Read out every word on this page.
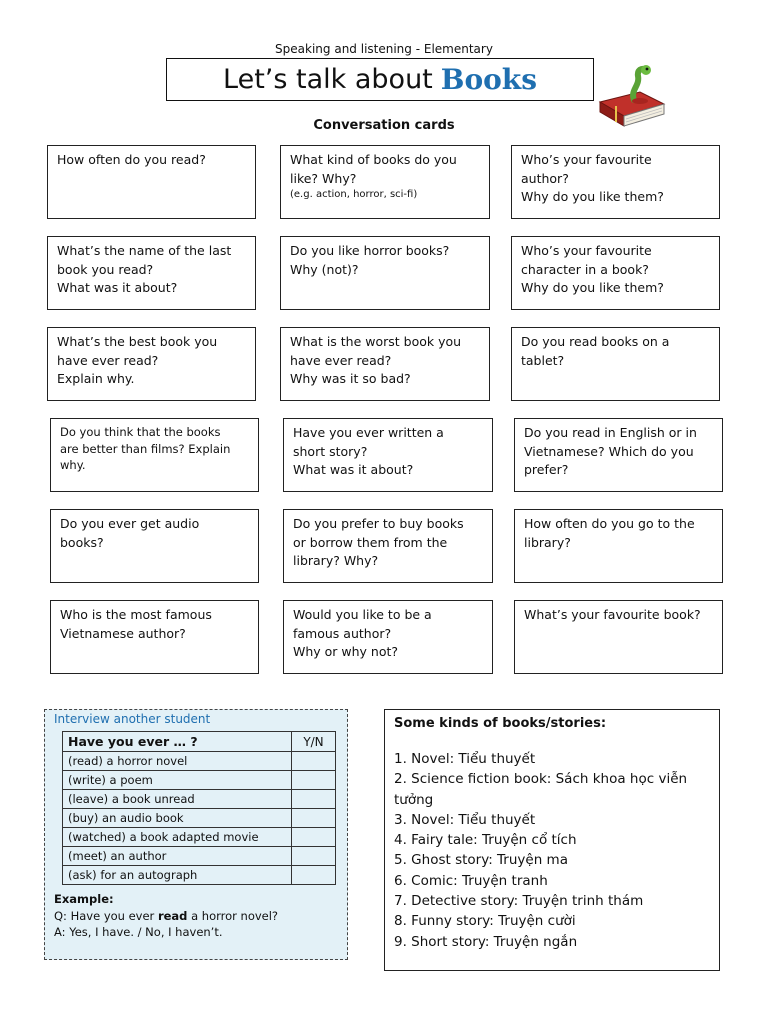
Speaking and listening - Elementary
Let’s talk about Books
Conversation cards
How often do you read?	What kind of books do you
like? Why?
(e.g. action, horror, sci-fi)
Who’s your favourite
author?
Why do you like them?
What’s the name of the last
book you read?
What was it about?
Do you like horror books?
Why (not)?
Who’s your favourite
character in a book?
Why do you like them?
What’s the best book you
have ever read?
Explain why.
What is the worst book you
have ever read?
Why was it so bad?
Do you read books on a
tablet?
Do you think that the books
are better than films? Explain
why.
Have you ever written a
short story?
What was it about?
Do you read in English or in
Vietnamese? Which do you
prefer?
Do you ever get audio
books?
Do you prefer to buy books
or borrow them from the
library? Why?
How often do you go to the
library?
Who is the most famous
Vietnamese author?
Would you like to be a
famous author?
Why or why not?
What’s your favourite book?
Interview another student
Have you ever … ?	Y/N
(read) a horror novel	
(write) a poem	
(leave) a book unread	
(buy) an audio book	
(watched) a book adapted movie	
(meet) an author	
(ask) for an autograph	
Example:
Q: Have you ever read a horror novel?
A: Yes, I have. / No, I haven’t.
Some kinds of books/stories:
1. Novel: Tiểu thuyết
2. Science fiction book: Sách khoa học viễn
tưởng
3. Novel: Tiểu thuyết
4. Fairy tale: Truyện cổ tích
5. Ghost story: Truyện ma
6. Comic: Truyện tranh
7. Detective story: Truyện trinh thám
8. Funny story: Truyện cười
9. Short story: Truyện ngắn
